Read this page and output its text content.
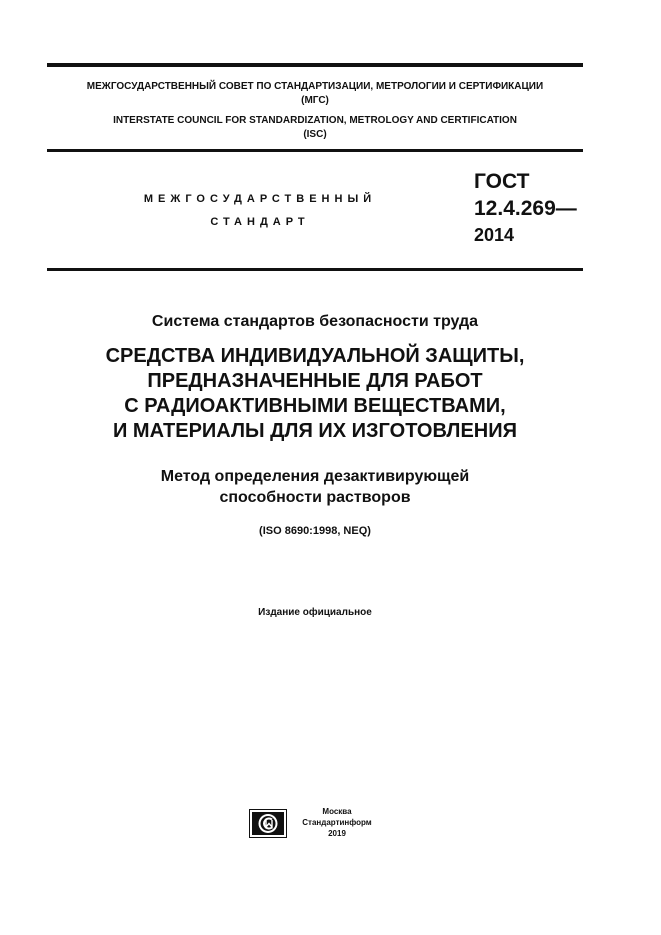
МЕЖГОСУДАРСТВЕННЫЙ СОВЕТ ПО СТАНДАРТИЗАЦИИ, МЕТРОЛОГИИ И СЕРТИФИКАЦИИ
(МГС)
INTERSTATE COUNCIL FOR STANDARDIZATION, METROLOGY AND CERTIFICATION
(ISC)
МЕЖГОСУДАРСТВЕННЫЙ
СТАНДАРТ
ГОСТ
12.4.269—
2014
Система стандартов безопасности труда
СРЕДСТВА ИНДИВИДУАЛЬНОЙ ЗАЩИТЫ,
ПРЕДНАЗНАЧЕННЫЕ ДЛЯ РАБОТ
С РАДИОАКТИВНЫМИ ВЕЩЕСТВАМИ,
И МАТЕРИАЛЫ ДЛЯ ИХ ИЗГОТОВЛЕНИЯ
Метод определения дезактивирующей
способности растворов
(ISO 8690:1998, NEQ)
Издание официальное
Москва
Стандартинформ
2019
